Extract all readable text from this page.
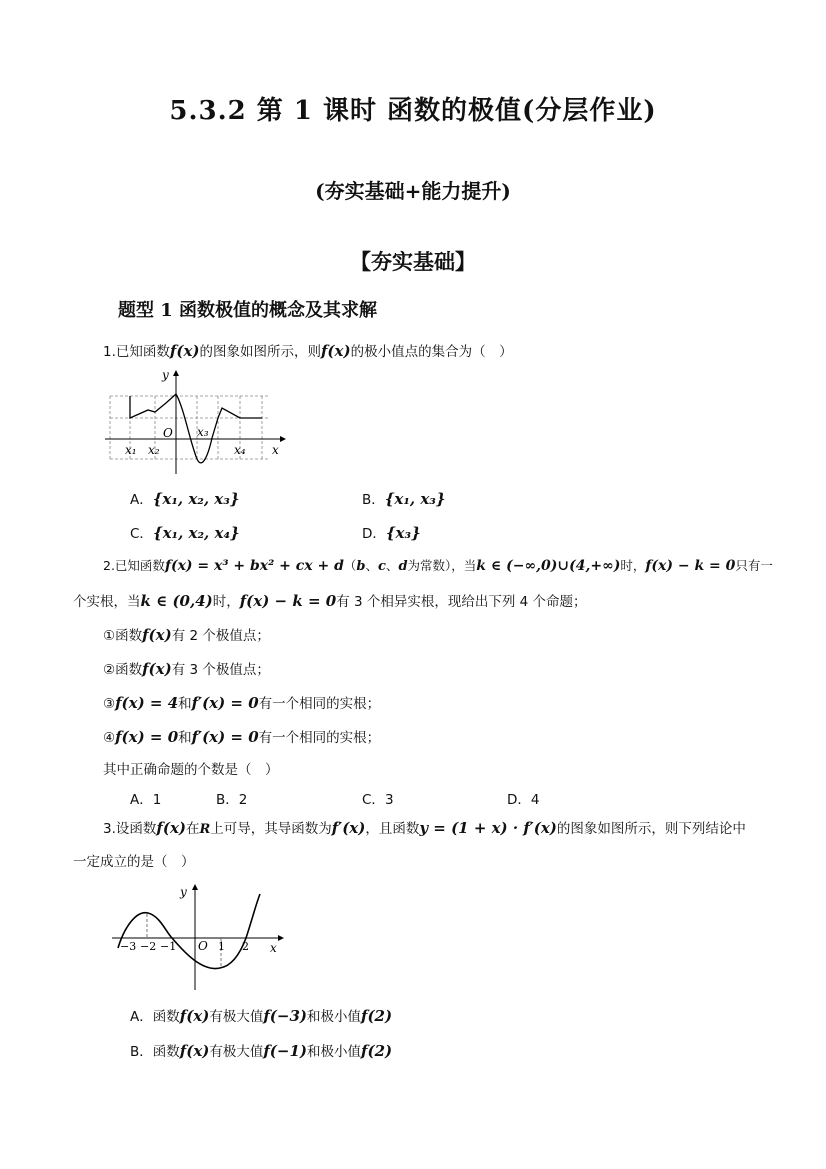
5.3.2 第 1 课时 函数的极值(分层作业)
(夯实基础+能力提升)
【夯实基础】
题型 1 函数极值的概念及其求解
1.已知函数f(x)的图象如图所示，则f(x)的极小值点的集合为（　）
y
x
O
x₁ x₂
x₃
x₄
A．{x₁, x₂, x₃}	B．{x₁, x₃}
C．{x₁, x₂, x₄}	D．{x₃}
2.已知函数f(x) = x³ + bx² + cx + d（b、c、d为常数），当k ∈ (−∞,0)∪(4,+∞)时，f(x) − k = 0只有一
个实根，当k ∈ (0,4)时，f(x) − k = 0有 3 个相异实根，现给出下列 4 个命题；
①函数f(x)有 2 个极值点；
②函数f(x)有 3 个极值点；
③f(x) = 4和f′(x) = 0有一个相同的实根；
④f(x) = 0和f′(x) = 0有一个相同的实根；
其中正确命题的个数是（　）
A．1	B．2	C．3	D．4
3.设函数f(x)在R上可导，其导函数为f′(x)，且函数y = (1 + x) · f′(x)的图象如图所示，则下列结论中
一定成立的是（　）
y
x
O
−3 −2 −1	1 2
A．函数f(x)有极大值f(−3)和极小值f(2)
B．函数f(x)有极大值f(−1)和极小值f(2)
